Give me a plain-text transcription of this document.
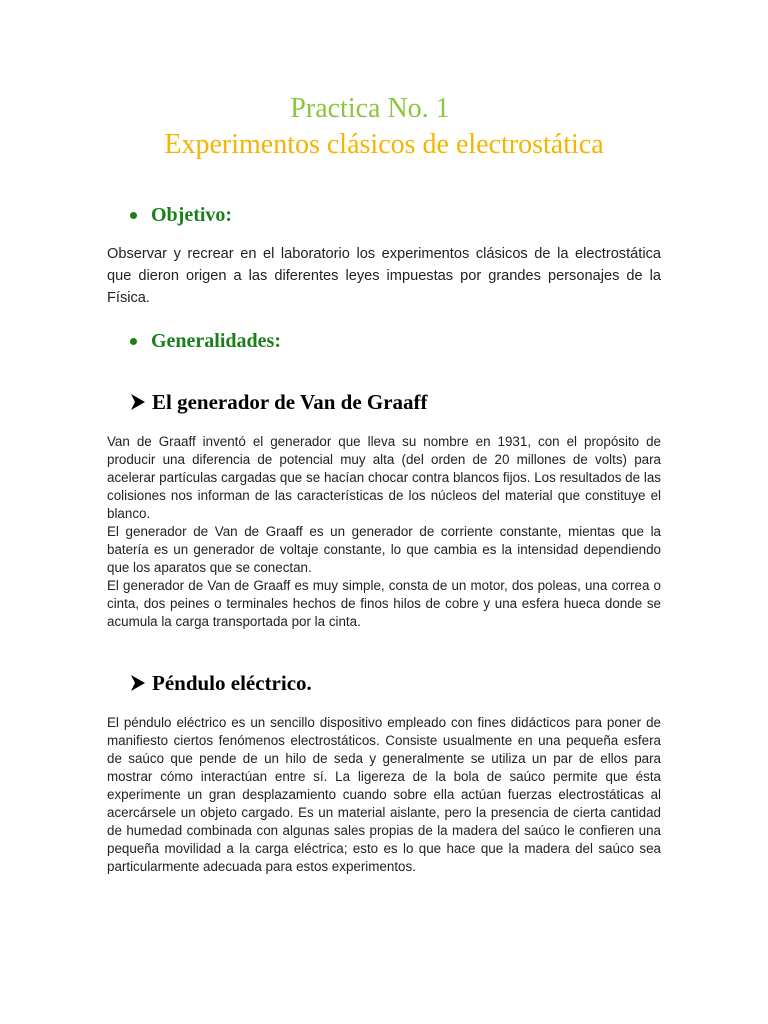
Practica No. 1
Experimentos clásicos de electrostática
Objetivo:

Observar y recrear en el laboratorio los experimentos clásicos de la electrostática que dieron origen a las diferentes leyes impuestas por grandes personajes de la Física.

Generalidades:
El generador de Van de Graaff

Van de Graaff inventó el generador que lleva su nombre en 1931, con el propósito de producir una diferencia de potencial muy alta (del orden de 20 millones de volts) para acelerar partículas cargadas que se hacían chocar contra blancos fijos. Los resultados de las colisiones nos informan de las características de los núcleos del material que constituye el blanco.

El generador de Van de Graaff es un generador de corriente constante, mientas que la batería es un generador de voltaje constante, lo que cambia es la intensidad dependiendo que los aparatos que se conectan.

El generador de Van de Graaff es muy simple, consta de un motor, dos poleas, una correa o cinta, dos peines o terminales hechos de finos hilos de cobre y una esfera hueca donde se acumula la carga transportada por la cinta.

Péndulo eléctrico.

El péndulo eléctrico es un sencillo dispositivo empleado con fines didácticos para poner de manifiesto ciertos fenómenos electrostáticos. Consiste usualmente en una pequeña esfera de saúco que pende de un hilo de seda y generalmente se utiliza un par de ellos para mostrar cómo interactúan entre sí. La ligereza de la bola de saúco permite que ésta experimente un gran desplazamiento cuando sobre ella actúan fuerzas electrostáticas al acercársele un objeto cargado. Es un material aislante, pero la presencia de cierta cantidad de humedad combinada con algunas sales propias de la madera del saúco le confieren una pequeña movilidad a la carga eléctrica; esto es lo que hace que la madera del saúco sea particularmente adecuada para estos experimentos.
